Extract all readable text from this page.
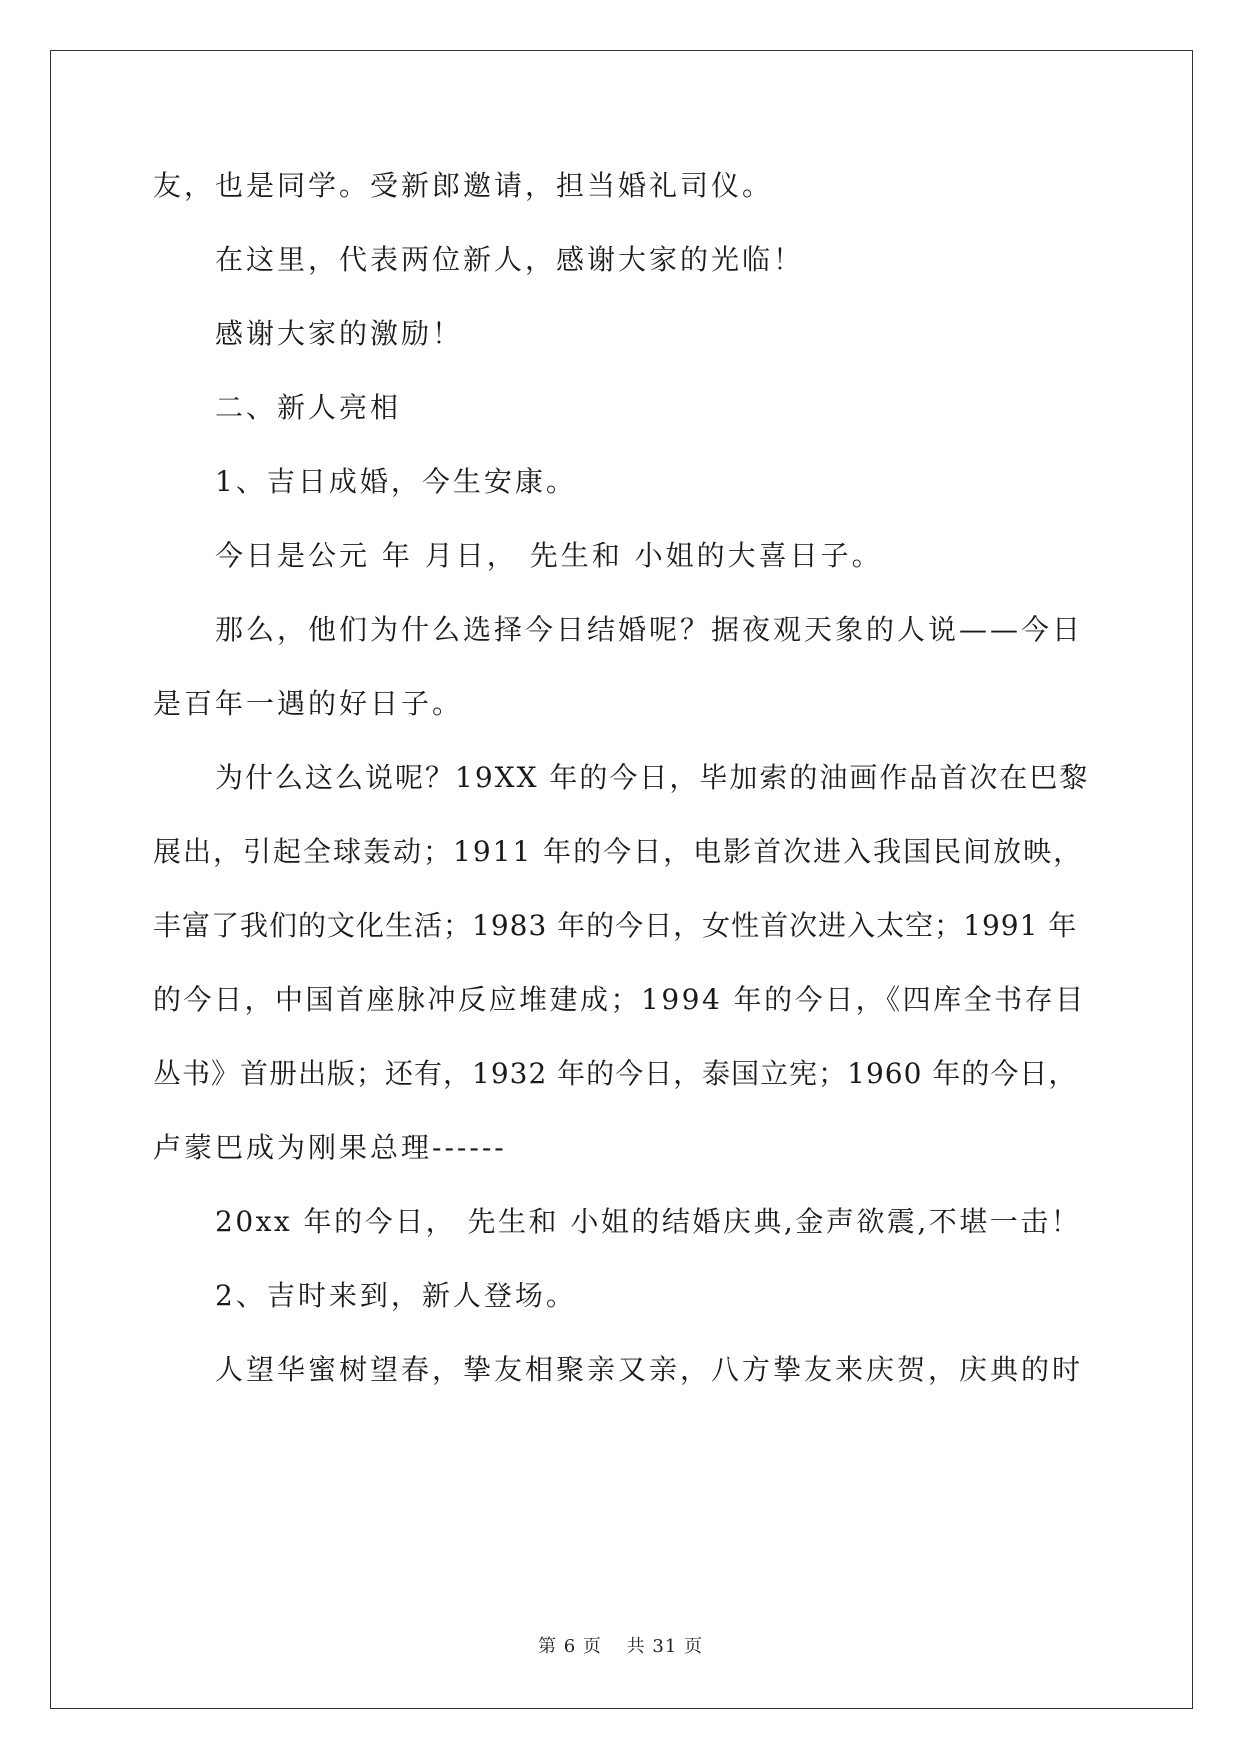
友，也是同学。受新郎邀请，担当婚礼司仪。
在这里，代表两位新人，感谢大家的光临！
感谢大家的激励！
二、新人亮相
1、吉日成婚，今生安康。
今日是公元 年 月日， 先生和 小姐的大喜日子。
那么，他们为什么选择今日结婚呢？据夜观天象的人说——今日
是百年一遇的好日子。
为什么这么说呢？19XX 年的今日，毕加索的油画作品首次在巴黎
展出，引起全球轰动；1911 年的今日，电影首次进入我国民间放映，
丰富了我们的文化生活；1983 年的今日，女性首次进入太空；1991 年
的今日，中国首座脉冲反应堆建成；1994 年的今日，《四库全书存目
丛书》首册出版；还有，1932 年的今日，泰国立宪；1960 年的今日，
卢蒙巴成为刚果总理------
20xx 年的今日， 先生和 小姐的结婚庆典,金声欲震,不堪一击！
2、吉时来到，新人登场。
人望华蜜树望春，挚友相聚亲又亲，八方挚友来庆贺，庆典的时
第 6 页 共 31 页
